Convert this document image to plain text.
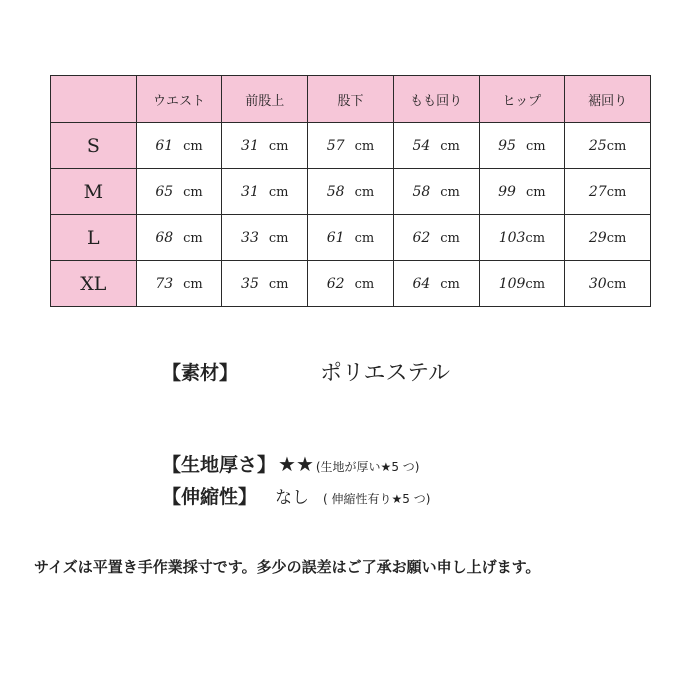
	ウエスト	前股上	股下	もも回り	ヒップ	裾回り
S	61 cm	31 cm	57 cm	54 cm	95 cm	25cm
M	65 cm	31 cm	58 cm	58 cm	99 cm	27cm
L	68 cm	33 cm	61 cm	62 cm	103cm	29cm
XL	73 cm	35 cm	62 cm	64 cm	109cm	30cm
【素材】	ポリエステル
【生地厚さ】 ★★ (生地が厚い★5 つ)
【伸縮性】 なし ( 伸縮性有り★5 つ)
サイズは平置き手作業採寸です。多少の誤差はご了承お願い申し上げます。
